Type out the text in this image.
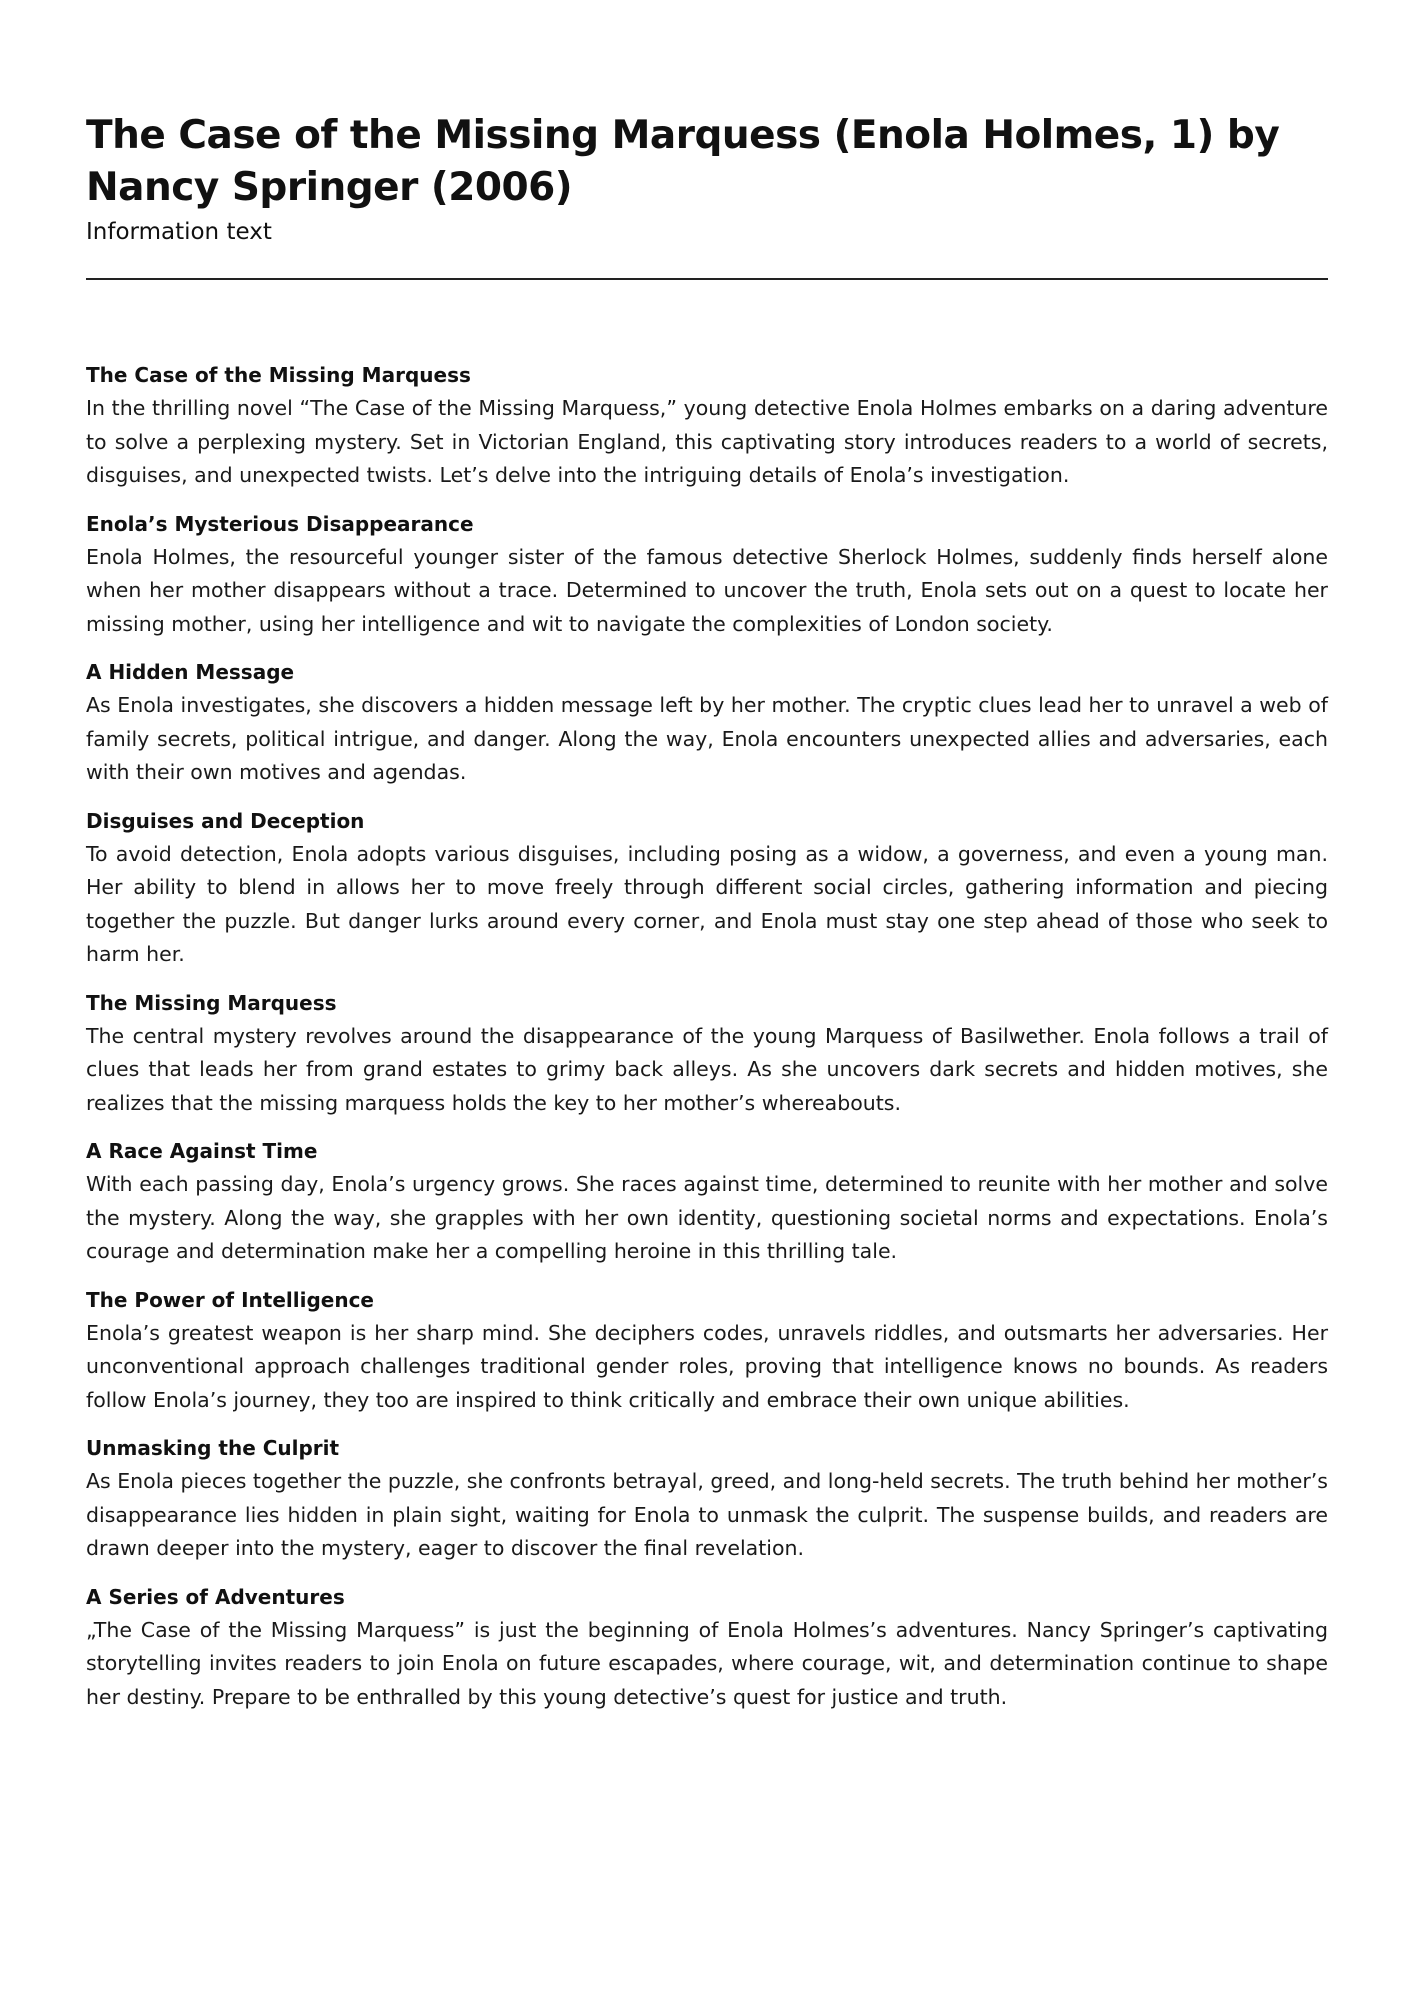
The Case of the Missing Marquess (Enola Holmes, 1) by Nancy Springer (2006)
Information text
The Case of the Missing Marquess

In the thrilling novel “The Case of the Missing Marquess,” young detective Enola Holmes embarks on a daring adventure to solve a perplexing mystery. Set in Victorian England, this captivating story introduces readers to a world of secrets, disguises, and unexpected twists. Let’s delve into the intriguing details of Enola’s investigation.

Enola’s Mysterious Disappearance

Enola Holmes, the resourceful younger sister of the famous detective Sherlock Holmes, suddenly finds herself alone when her mother disappears without a trace. Determined to uncover the truth, Enola sets out on a quest to locate her missing mother, using her intelligence and wit to navigate the complexities of London society.

A Hidden Message

As Enola investigates, she discovers a hidden message left by her mother. The cryptic clues lead her to unravel a web of family secrets, political intrigue, and danger. Along the way, Enola encounters unexpected allies and adversaries, each with their own motives and agendas.

Disguises and Deception

To avoid detection, Enola adopts various disguises, including posing as a widow, a governess, and even a young man. Her ability to blend in allows her to move freely through different social circles, gathering information and piecing together the puzzle. But danger lurks around every corner, and Enola must stay one step ahead of those who seek to harm her.

The Missing Marquess

The central mystery revolves around the disappearance of the young Marquess of Basilwether. Enola follows a trail of clues that leads her from grand estates to grimy back alleys. As she uncovers dark secrets and hidden motives, she realizes that the missing marquess holds the key to her mother’s whereabouts.

A Race Against Time

With each passing day, Enola’s urgency grows. She races against time, determined to reunite with her mother and solve the mystery. Along the way, she grapples with her own identity, questioning societal norms and expectations. Enola’s courage and determination make her a compelling heroine in this thrilling tale.

The Power of Intelligence

Enola’s greatest weapon is her sharp mind. She deciphers codes, unravels riddles, and outsmarts her adversaries. Her unconventional approach challenges traditional gender roles, proving that intelligence knows no bounds. As readers follow Enola’s journey, they too are inspired to think critically and embrace their own unique abilities.

Unmasking the Culprit

As Enola pieces together the puzzle, she confronts betrayal, greed, and long-held secrets. The truth behind her mother’s disappearance lies hidden in plain sight, waiting for Enola to unmask the culprit. The suspense builds, and readers are drawn deeper into the mystery, eager to discover the final revelation.

A Series of Adventures

„The Case of the Missing Marquess” is just the beginning of Enola Holmes’s adventures. Nancy Springer’s captivating storytelling invites readers to join Enola on future escapades, where courage, wit, and determination continue to shape her destiny. Prepare to be enthralled by this young detective’s quest for justice and truth.
